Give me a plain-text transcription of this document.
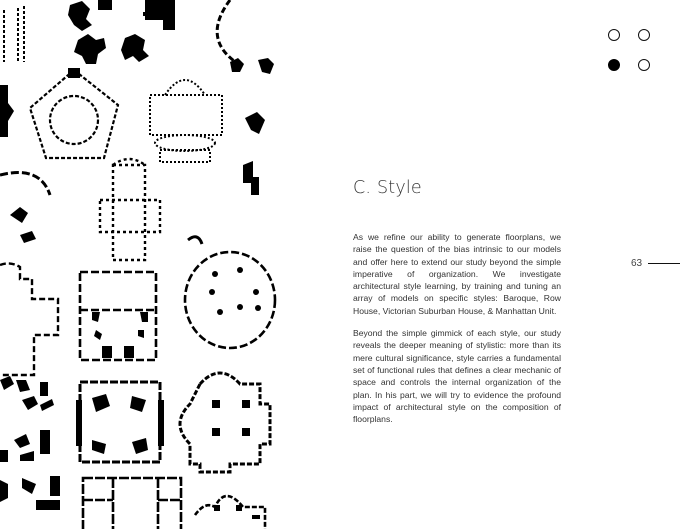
63
C. Style

As we refine our ability to generate floorplans, we raise the question of the bias intrinsic to our models and offer here to extend our study beyond the simple imperative of organization. We investigate architectural style learning, by training and tuning an array of models on specific styles: Baroque, Row House, Victorian Suburban House, & Manhattan Unit.

Beyond the simple gimmick of each style, our study reveals the deeper meaning of stylistic: more than its mere cultural significance, style carries a fundamental set of functional rules that defines a clear mechanic of space and controls the internal organization of the plan. In his part, we will try to evidence the profound impact of architectural style on the composition of floorplans.
